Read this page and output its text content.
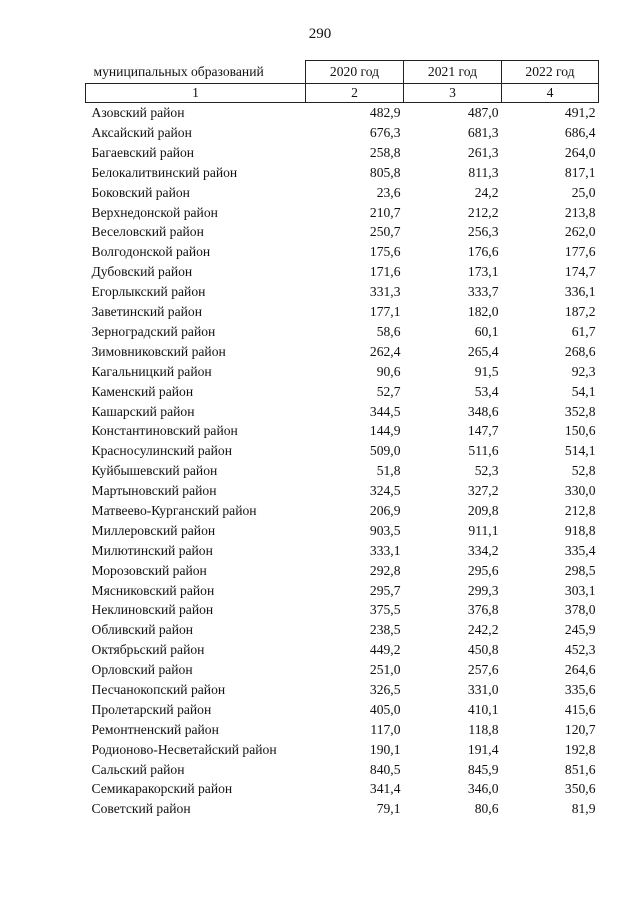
290
муниципальных образований	2020 год	2021 год	2022 год
1	2	3	4
Азовский район	482,9	487,0	491,2
Аксайский район	676,3	681,3	686,4
Багаевский район	258,8	261,3	264,0
Белокалитвинский район	805,8	811,3	817,1
Боковский район	23,6	24,2	25,0
Верхнедонской район	210,7	212,2	213,8
Веселовский район	250,7	256,3	262,0
Волгодонской район	175,6	176,6	177,6
Дубовский район	171,6	173,1	174,7
Егорлыкский район	331,3	333,7	336,1
Заветинский район	177,1	182,0	187,2
Зерноградский район	58,6	60,1	61,7
Зимовниковский район	262,4	265,4	268,6
Кагальницкий район	90,6	91,5	92,3
Каменский район	52,7	53,4	54,1
Кашарский район	344,5	348,6	352,8
Константиновский район	144,9	147,7	150,6
Красносулинский район	509,0	511,6	514,1
Куйбышевский район	51,8	52,3	52,8
Мартыновский район	324,5	327,2	330,0
Матвеево-Курганский район	206,9	209,8	212,8
Миллеровский район	903,5	911,1	918,8
Милютинский район	333,1	334,2	335,4
Морозовский район	292,8	295,6	298,5
Мясниковский район	295,7	299,3	303,1
Неклиновский район	375,5	376,8	378,0
Обливский район	238,5	242,2	245,9
Октябрьский район	449,2	450,8	452,3
Орловский район	251,0	257,6	264,6
Песчанокопский район	326,5	331,0	335,6
Пролетарский район	405,0	410,1	415,6
Ремонтненский район	117,0	118,8	120,7
Родионово-Несветайский район	190,1	191,4	192,8
Сальский район	840,5	845,9	851,6
Семикаракорский район	341,4	346,0	350,6
Советский район	79,1	80,6	81,9
